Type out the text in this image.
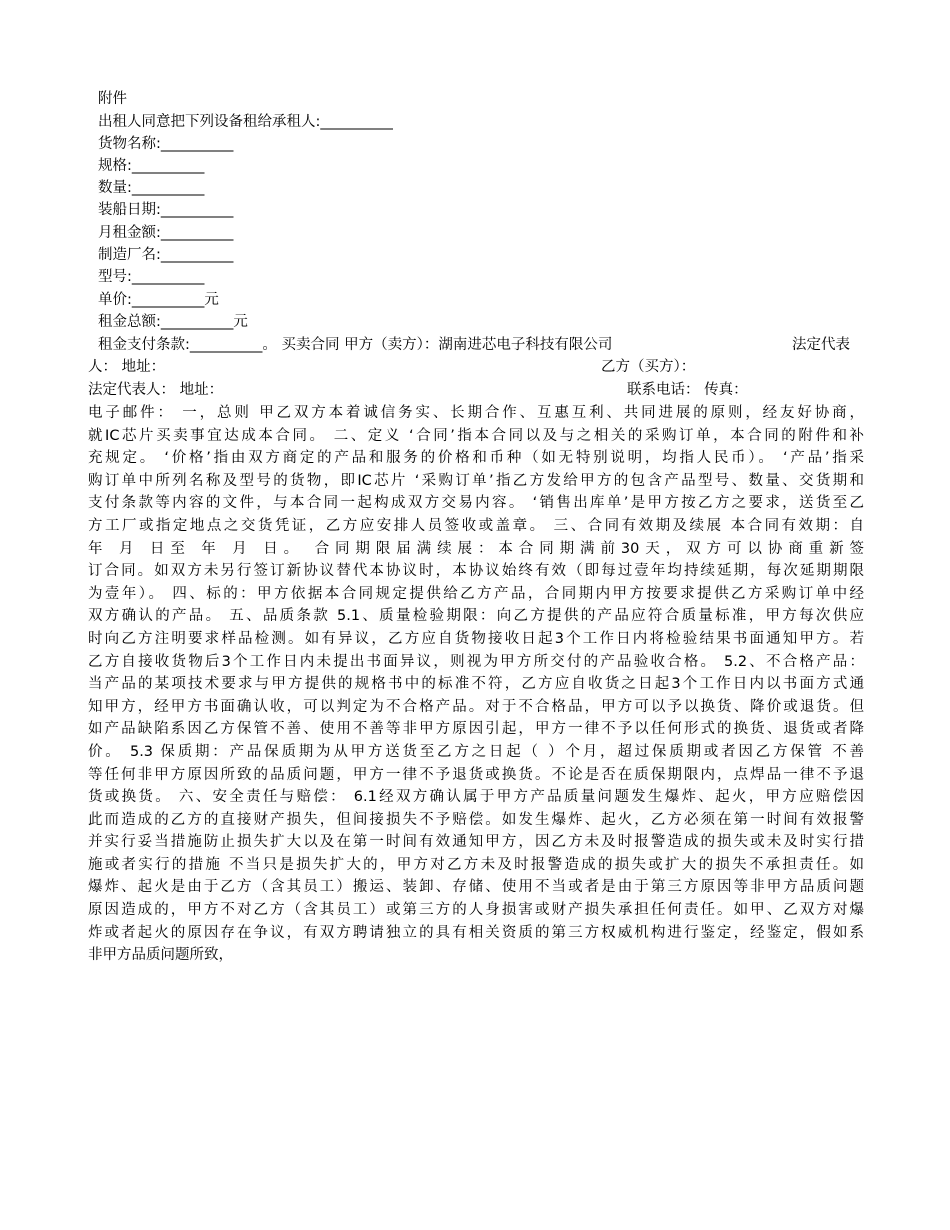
附件
出租人同意把下列设备租给承租人:__________
货物名称:__________
规格:__________
数量:__________
装船日期:__________
月租金额:__________
制造厂名:__________
型号:__________
单价:__________元
租金总额:__________元
租金支付条款:__________。 买卖合同 甲方（卖方）：湖南进芯电子科技有限公司	法定代表
人： 地址：	乙方（买方）：
法定代表人： 地址：	联系电话： 传真：
电子邮件： 一，总则 甲乙双方本着诚信务实、长期合作、互惠互利、共同进展的原则，经友好协商，
就IC芯片买卖事宜达成本合同。 二、定义 ‘合同’指本合同以及与之相关的采购订单，本合同的附件和补
充规定。 ‘价格’指由双方商定的产品和服务的价格和币种（如无特别说明，均指人民币）。 ‘产品’指采
购订单中所列名称及型号的货物，即IC芯片 ‘采购订单’指乙方发给甲方的包含产品型号、数量、交货期和
支付条款等内容的文件，与本合同一起构成双方交易内容。 ‘销售出库单’是甲方按乙方之要求，送货至乙
方工厂或指定地点之交货凭证，乙方应安排人员签收或盖章。 三、合同有效期及续展 本合同有效期：自
年 月 日至 年 月 日。 合同期限届满续展：本合同期满前30天，双方可以协商重新签
订合同。如双方未另行签订新协议替代本协议时，本协议始终有效（即每过壹年均持续延期，每次延期期限
为壹年）。 四、标的：甲方依据本合同规定提供给乙方产品，合同期内甲方按要求提供乙方采购订单中经
双方确认的产品。 五、品质条款 5.1、质量检验期限：向乙方提供的产品应符合质量标准，甲方每次供应
时向乙方注明要求样品检测。如有异议，乙方应自货物接收日起3个工作日内将检验结果书面通知甲方。若
乙方自接收货物后3个工作日内未提出书面异议，则视为甲方所交付的产品验收合格。 5.2、不合格产品：
当产品的某项技术要求与甲方提供的规格书中的标准不符，乙方应自收货之日起3个工作日内以书面方式通
知甲方，经甲方书面确认收，可以判定为不合格产品。对于不合格品，甲方可以予以换货、降价或退货。但
如产品缺陷系因乙方保管不善、使用不善等非甲方原因引起，甲方一律不予以任何形式的换货、退货或者降
价。 5.3 保质期：产品保质期为从甲方送货至乙方之日起（ ）个月，超过保质期或者因乙方保管 不善
等任何非甲方原因所致的品质问题，甲方一律不予退货或换货。不论是否在质保期限内，点焊品一律不予退
货或换货。 六、安全责任与赔偿： 6.1经双方确认属于甲方产品质量问题发生爆炸、起火，甲方应赔偿因
此而造成的乙方的直接财产损失，但间接损失不予赔偿。如发生爆炸、起火，乙方必须在第一时间有效报警
并实行妥当措施防止损失扩大以及在第一时间有效通知甲方，因乙方未及时报警造成的损失或未及时实行措
施或者实行的措施 不当只是损失扩大的，甲方对乙方未及时报警造成的损失或扩大的损失不承担责任。如
爆炸、起火是由于乙方（含其员工）搬运、装卸、存储、使用不当或者是由于第三方原因等非甲方品质问题
原因造成的，甲方不对乙方（含其员工）或第三方的人身损害或财产损失承担任何责任。如甲、乙双方对爆
炸或者起火的原因存在争议，有双方聘请独立的具有相关资质的第三方权威机构进行鉴定，经鉴定，假如系
非甲方品质问题所致，
